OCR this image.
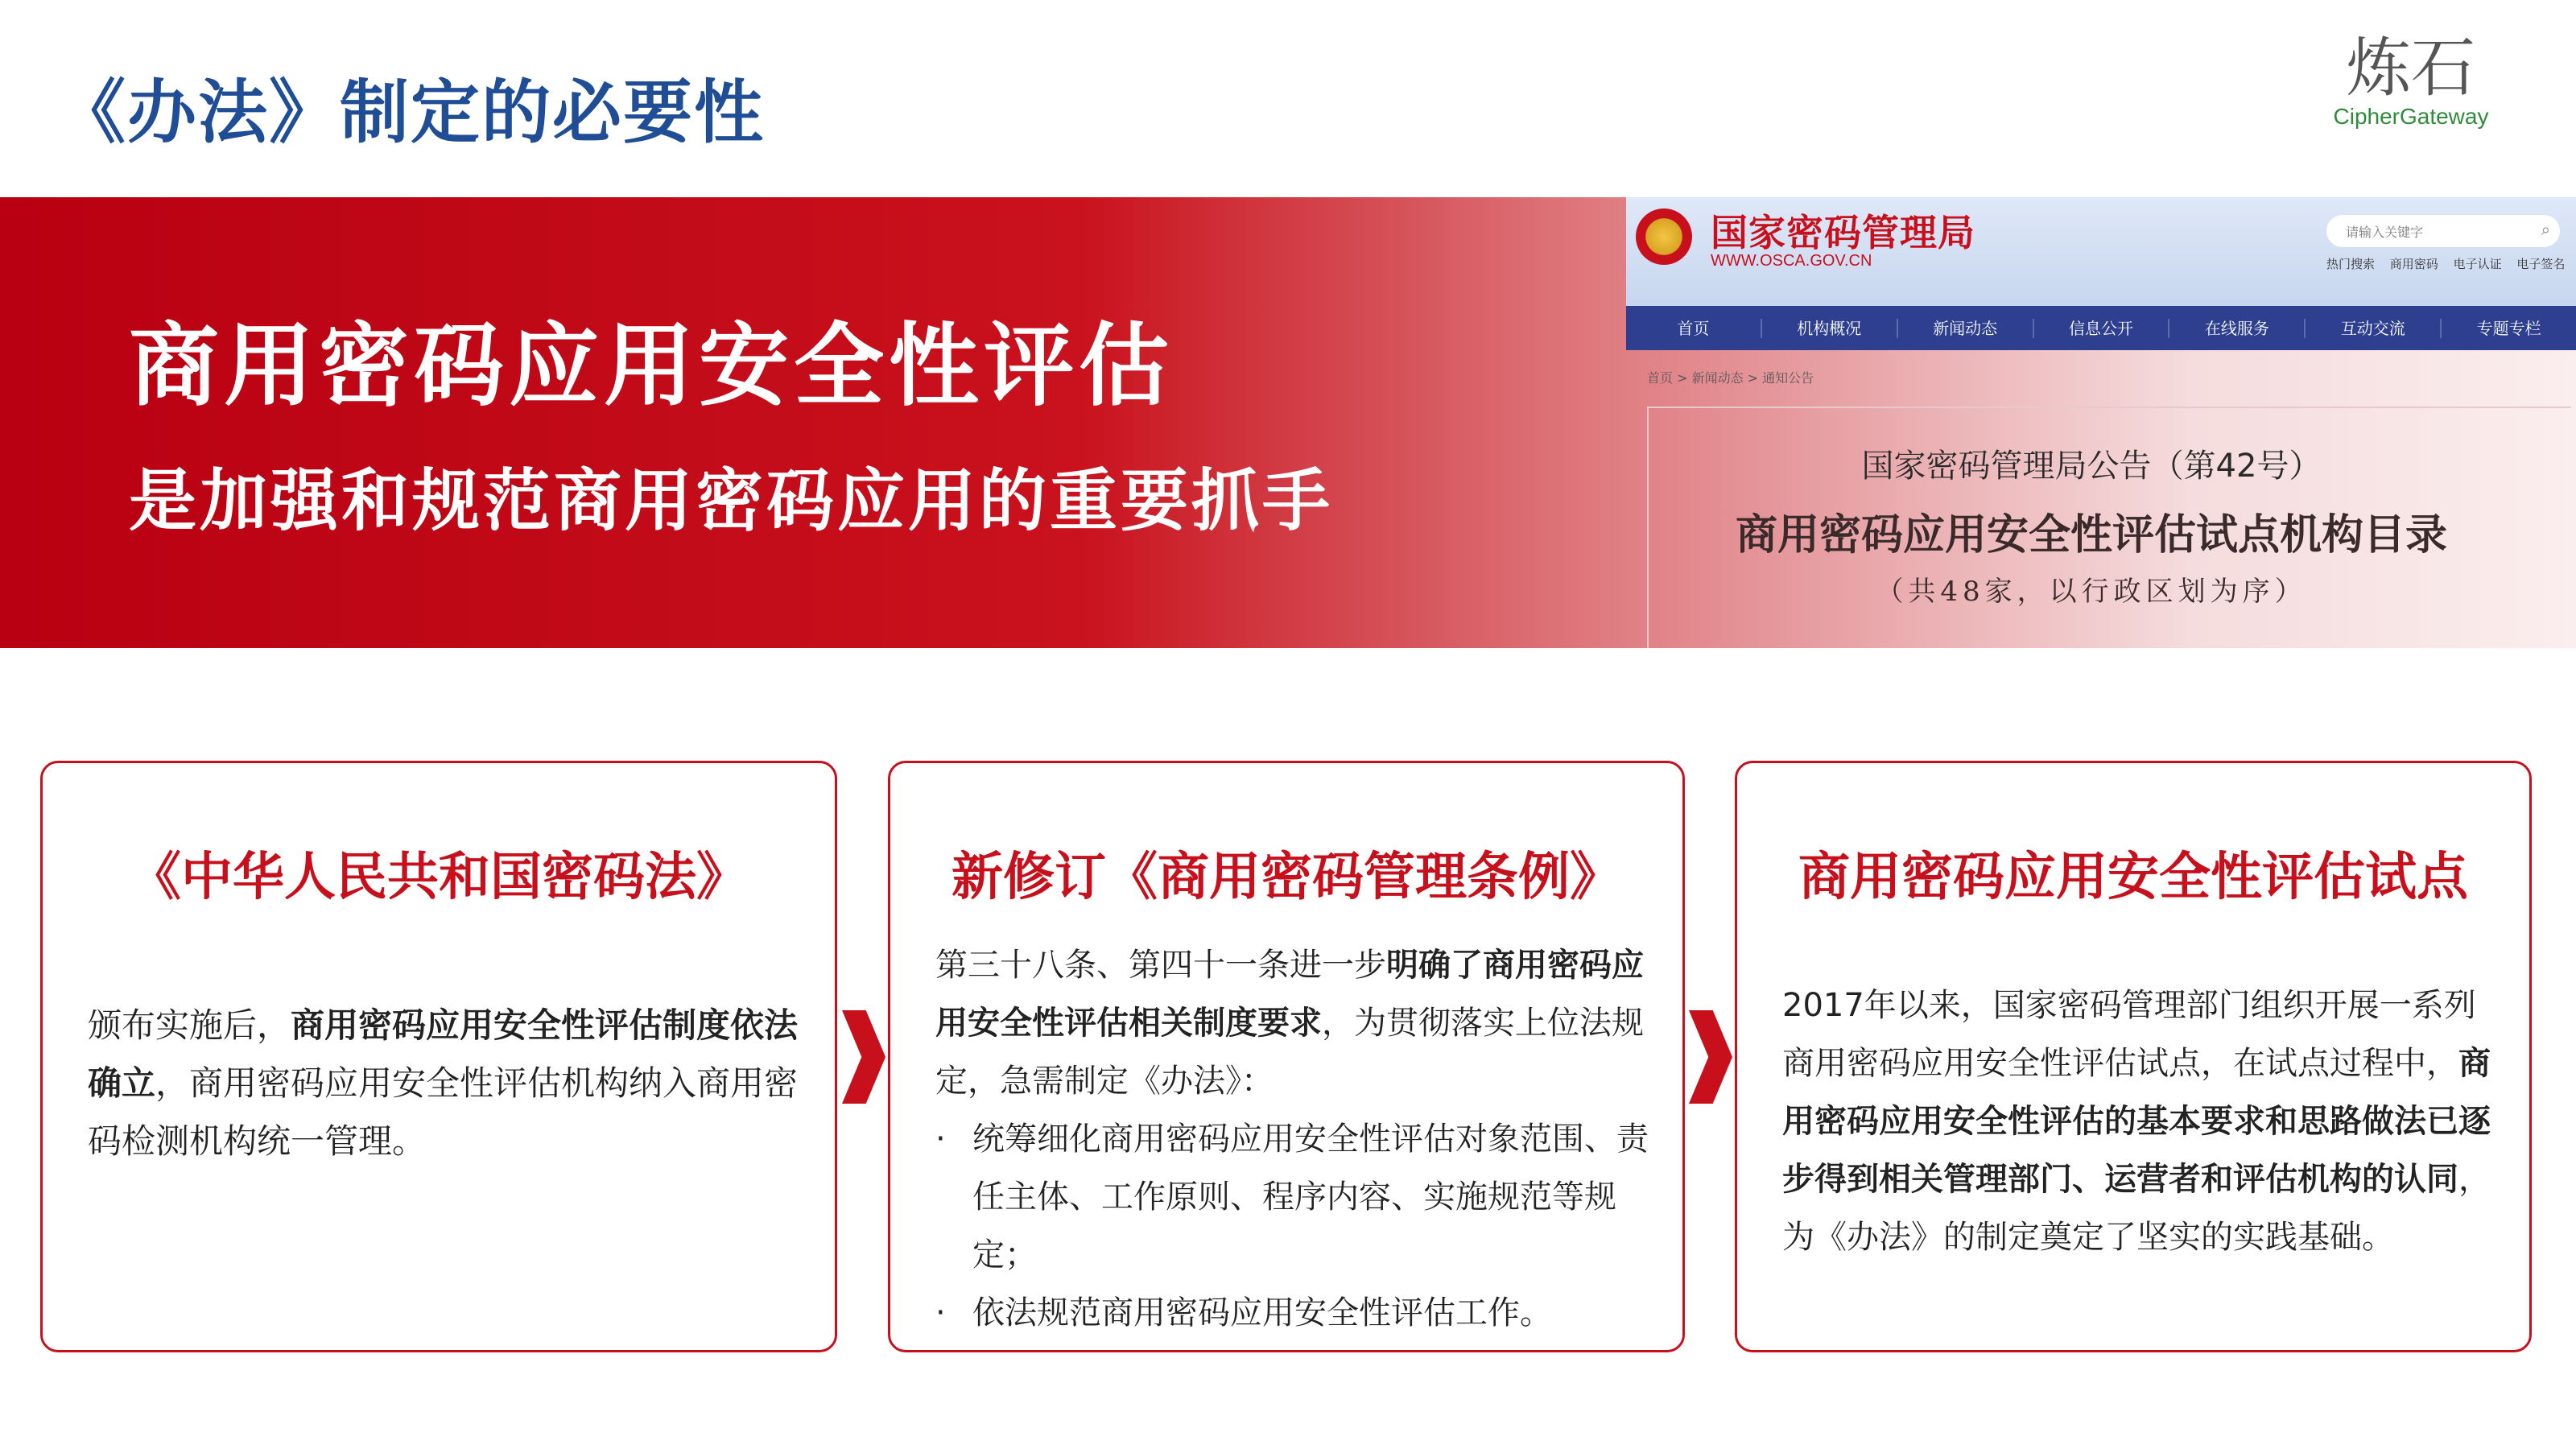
《办法》制定的必要性
炼石
CipherGateway
商用密码应用安全性评估
是加强和规范商用密码应用的重要抓手
国家密码管理局
WWW.OSCA.GOV.CN
请输入关键字	⌕
热门搜索 商用密码 电子认证 电子签名
首页	机构概况	新闻动态	信息公开	在线服务	互动交流	专题专栏
首页 > 新闻动态 > 通知公告
国家密码管理局公告（第42号）
商用密码应用安全性评估试点机构目录
（共48家，以行政区划为序）
《中华人民共和国密码法》
颁布实施后，商用密码应用安全性评估制度依法确立，商用密码应用安全性评估机构纳入商用密码检测机构统一管理。
新修订《商用密码管理条例》
第三十八条、第四十一条进一步明确了商用密码应用安全性评估相关制度要求，为贯彻落实上位法规定，急需制定《办法》：
· 统筹细化商用密码应用安全性评估对象范围、责任主体、工作原则、程序内容、实施规范等规定；
· 依法规范商用密码应用安全性评估工作。
商用密码应用安全性评估试点
2017年以来，国家密码管理部门组织开展一系列商用密码应用安全性评估试点，在试点过程中，商用密码应用安全性评估的基本要求和思路做法已逐步得到相关管理部门、运营者和评估机构的认同，为《办法》的制定奠定了坚实的实践基础。
